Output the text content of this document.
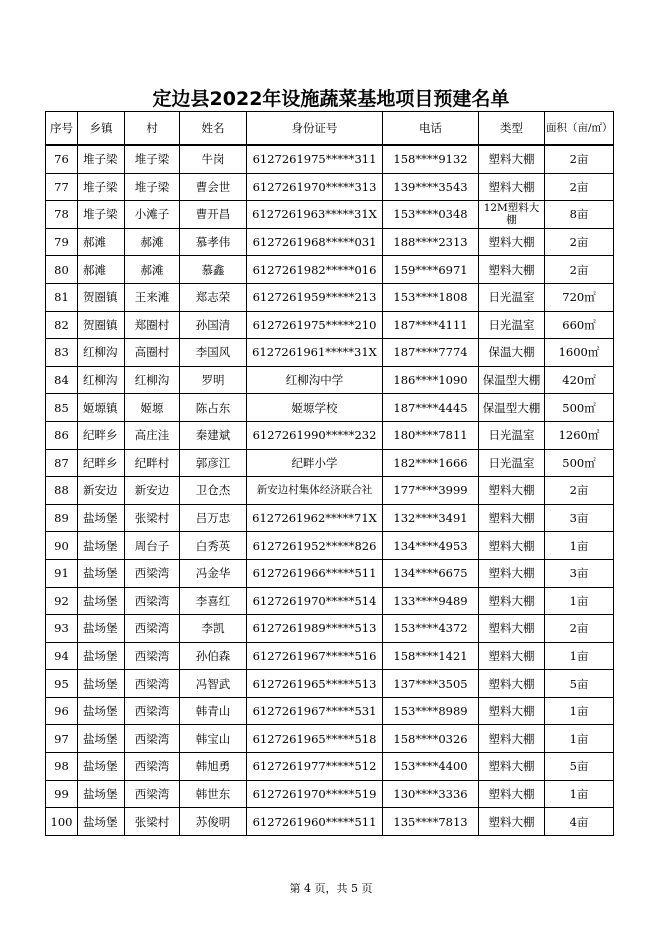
定边县2022年设施蔬菜基地项目预建名单
序号	乡镇	村	姓名	身份证号	电话	类型	面积（亩/㎡）
76	堆子梁	堆子梁	牛岗	6127261975*****311	158****9132	塑料大棚	2亩
77	堆子梁	堆子梁	曹会世	6127261970*****313	139****3543	塑料大棚	2亩
78	堆子梁	小滩子	曹开昌	6127261963*****31X	153****0348	12M塑料大棚	8亩
79	郝滩	郝滩	慕孝伟	6127261968*****031	188****2313	塑料大棚	2亩
80	郝滩	郝滩	慕鑫	6127261982*****016	159****6971	塑料大棚	2亩
81	贺圈镇	王来滩	郑志荣	6127261959*****213	153****1808	日光温室	720㎡
82	贺圈镇	郑圈村	孙国清	6127261975*****210	187****4111	日光温室	660㎡
83	红柳沟	高圈村	李国风	6127261961*****31X	187****7774	保温大棚	1600㎡
84	红柳沟	红柳沟	罗明	红柳沟中学	186****1090	保温型大棚	420㎡
85	姬塬镇	姬塬	陈占东	姬塬学校	187****4445	保温型大棚	500㎡
86	纪畔乡	高庄洼	秦建斌	6127261990*****232	180****7811	日光温室	1260㎡
87	纪畔乡	纪畔村	郭彦江	纪畔小学	182****1666	日光温室	500㎡
88	新安边	新安边	卫仓杰	新安边村集体经济联合社	177****3999	塑料大棚	2亩
89	盐场堡	张梁村	吕万忠	6127261962*****71X	132****3491	塑料大棚	3亩
90	盐场堡	周台子	白秀英	6127261952*****826	134****4953	塑料大棚	1亩
91	盐场堡	西梁湾	冯金华	6127261966*****511	134****6675	塑料大棚	3亩
92	盐场堡	西梁湾	李喜红	6127261970*****514	133****9489	塑料大棚	1亩
93	盐场堡	西梁湾	李凯	6127261989*****513	153****4372	塑料大棚	2亩
94	盐场堡	西梁湾	孙伯森	6127261967*****516	158****1421	塑料大棚	1亩
95	盐场堡	西梁湾	冯智武	6127261965*****513	137****3505	塑料大棚	5亩
96	盐场堡	西梁湾	韩青山	6127261967*****531	153****8989	塑料大棚	1亩
97	盐场堡	西梁湾	韩宝山	6127261965*****518	158****0326	塑料大棚	1亩
98	盐场堡	西梁湾	韩旭勇	6127261977*****512	153****4400	塑料大棚	5亩
99	盐场堡	西梁湾	韩世东	6127261970*****519	130****3336	塑料大棚	1亩
100	盐场堡	张梁村	苏俊明	6127261960*****511	135****7813	塑料大棚	4亩
第 4 页，共 5 页
